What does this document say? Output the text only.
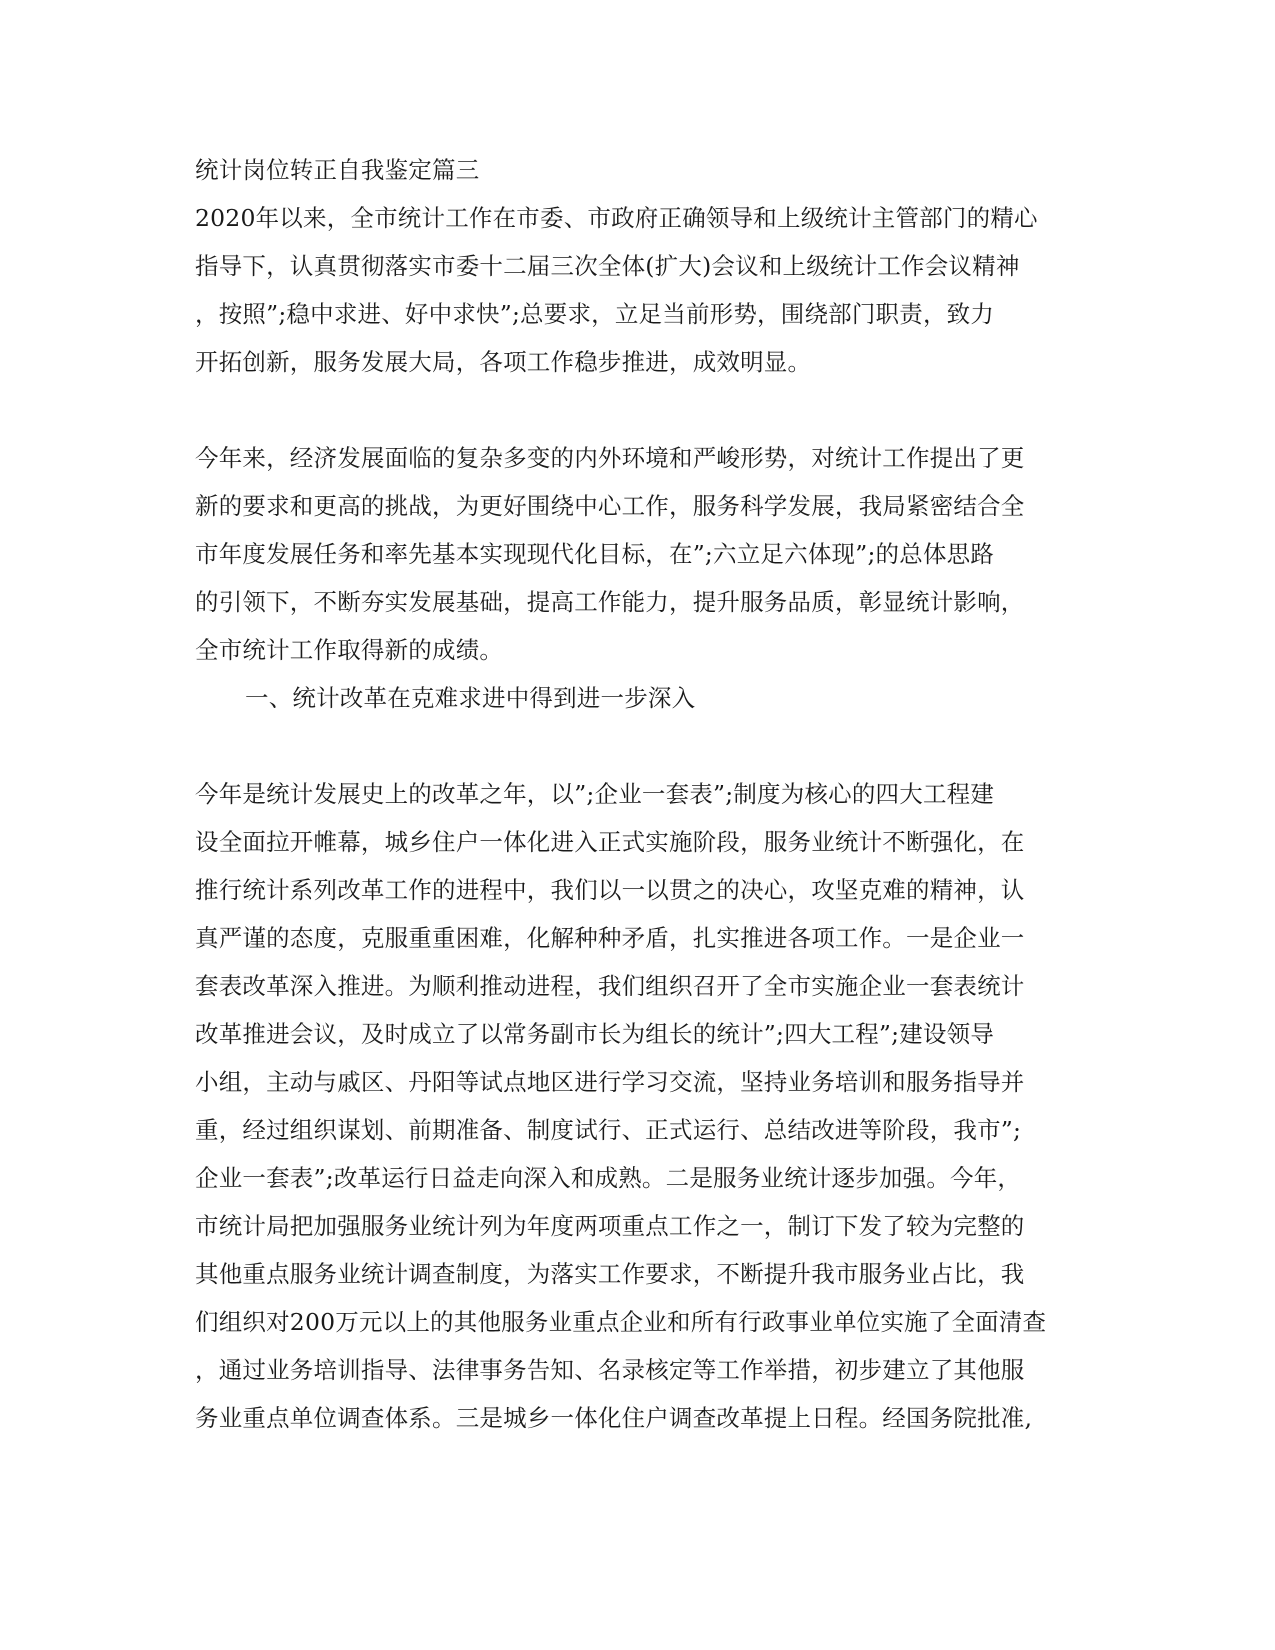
统计岗位转正自我鉴定篇三
2020年以来，全市统计工作在市委、市政府正确领导和上级统计主管部门的精心
指导下，认真贯彻落实市委十二届三次全体(扩大)会议和上级统计工作会议精神
，按照”;稳中求进、好中求快”;总要求，立足当前形势，围绕部门职责，致力
开拓创新，服务发展大局，各项工作稳步推进，成效明显。
今年来，经济发展面临的复杂多变的内外环境和严峻形势，对统计工作提出了更
新的要求和更高的挑战，为更好围绕中心工作，服务科学发展，我局紧密结合全
市年度发展任务和率先基本实现现代化目标，在”;六立足六体现”;的总体思路
的引领下，不断夯实发展基础，提高工作能力，提升服务品质，彰显统计影响，
全市统计工作取得新的成绩。
一、统计改革在克难求进中得到进一步深入
今年是统计发展史上的改革之年，以”;企业一套表”;制度为核心的四大工程建
设全面拉开帷幕，城乡住户一体化进入正式实施阶段，服务业统计不断强化，在
推行统计系列改革工作的进程中，我们以一以贯之的决心，攻坚克难的精神，认
真严谨的态度，克服重重困难，化解种种矛盾，扎实推进各项工作。一是企业一
套表改革深入推进。为顺利推动进程，我们组织召开了全市实施企业一套表统计
改革推进会议，及时成立了以常务副市长为组长的统计”;四大工程”;建设领导
小组，主动与戚区、丹阳等试点地区进行学习交流，坚持业务培训和服务指导并
重，经过组织谋划、前期准备、制度试行、正式运行、总结改进等阶段，我市”;
企业一套表”;改革运行日益走向深入和成熟。二是服务业统计逐步加强。今年，
市统计局把加强服务业统计列为年度两项重点工作之一，制订下发了较为完整的
其他重点服务业统计调查制度，为落实工作要求，不断提升我市服务业占比，我
们组织对200万元以上的其他服务业重点企业和所有行政事业单位实施了全面清查
，通过业务培训指导、法律事务告知、名录核定等工作举措，初步建立了其他服
务业重点单位调查体系。三是城乡一体化住户调查改革提上日程。经国务院批准,
